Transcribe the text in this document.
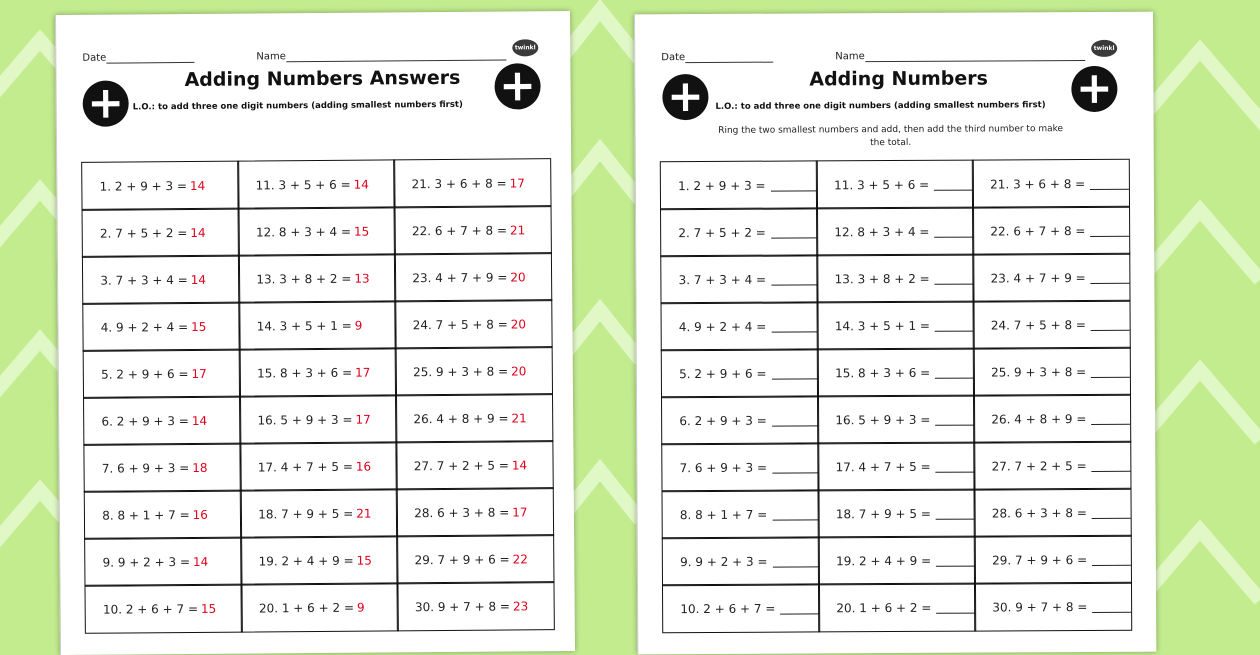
Date	Name
twinkl
+	+
Adding Numbers Answers
L.O.: to add three one digit numbers (adding smallest numbers first)
1. 2 + 9 + 3 = 14	11. 3 + 5 + 6 = 14	21. 3 + 6 + 8 = 17
2. 7 + 5 + 2 = 14	12. 8 + 3 + 4 = 15	22. 6 + 7 + 8 = 21
3. 7 + 3 + 4 = 14	13. 3 + 8 + 2 = 13	23. 4 + 7 + 9 = 20
4. 9 + 2 + 4 = 15	14. 3 + 5 + 1 = 9	24. 7 + 5 + 8 = 20
5. 2 + 9 + 6 = 17	15. 8 + 3 + 6 = 17	25. 9 + 3 + 8 = 20
6. 2 + 9 + 3 = 14	16. 5 + 9 + 3 = 17	26. 4 + 8 + 9 = 21
7. 6 + 9 + 3 = 18	17. 4 + 7 + 5 = 16	27. 7 + 2 + 5 = 14
8. 8 + 1 + 7 = 16	18. 7 + 9 + 5 = 21	28. 6 + 3 + 8 = 17
9. 9 + 2 + 3 = 14	19. 2 + 4 + 9 = 15	29. 7 + 9 + 6 = 22
10. 2 + 6 + 7 = 15	20. 1 + 6 + 2 = 9	30. 9 + 7 + 8 = 23
Date	Name
twinkl
+	+
Adding Numbers
L.O.: to add three one digit numbers (adding smallest numbers first)
Ring the two smallest numbers and add, then add the third number to make the total.
1. 2 + 9 + 3 =	11. 3 + 5 + 6 =	21. 3 + 6 + 8 =
2. 7 + 5 + 2 =	12. 8 + 3 + 4 =	22. 6 + 7 + 8 =
3. 7 + 3 + 4 =	13. 3 + 8 + 2 =	23. 4 + 7 + 9 =
4. 9 + 2 + 4 =	14. 3 + 5 + 1 =	24. 7 + 5 + 8 =
5. 2 + 9 + 6 =	15. 8 + 3 + 6 =	25. 9 + 3 + 8 =
6. 2 + 9 + 3 =	16. 5 + 9 + 3 =	26. 4 + 8 + 9 =
7. 6 + 9 + 3 =	17. 4 + 7 + 5 =	27. 7 + 2 + 5 =
8. 8 + 1 + 7 =	18. 7 + 9 + 5 =	28. 6 + 3 + 8 =
9. 9 + 2 + 3 =	19. 2 + 4 + 9 =	29. 7 + 9 + 6 =
10. 2 + 6 + 7 =	20. 1 + 6 + 2 =	30. 9 + 7 + 8 =
